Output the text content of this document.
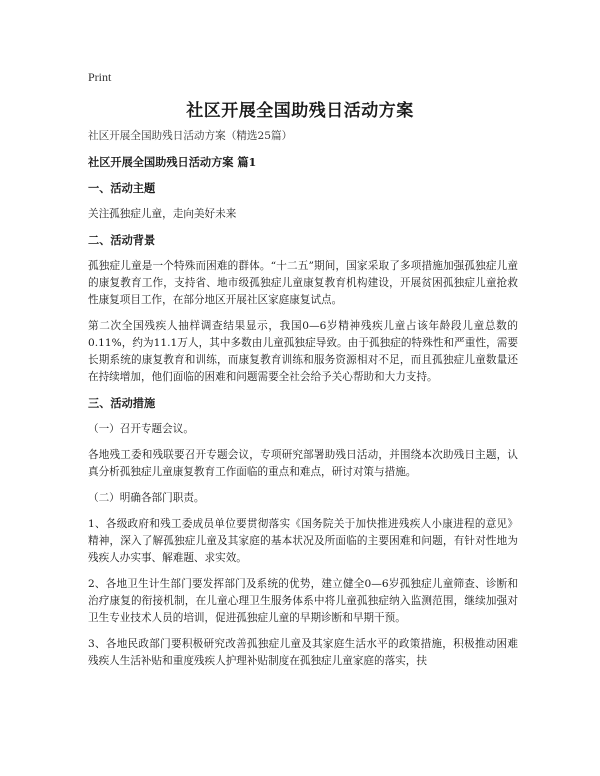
Print
社区开展全国助残日活动方案

社区开展全国助残日活动方案（精选25篇）

社区开展全国助残日活动方案 篇1

一、活动主题

关注孤独症儿童，走向美好未来

二、活动背景

孤独症儿童是一个特殊而困难的群体。“十二五”期间，国家采取了多项措施加强孤独症儿童的康复教育工作，支持省、地市级孤独症儿童康复教育机构建设，开展贫困孤独症儿童抢救性康复项目工作，在部分地区开展社区家庭康复试点。

第二次全国残疾人抽样调查结果显示，我国0—6岁精神残疾儿童占该年龄段儿童总数的0.11%，约为11.1万人，其中多数由儿童孤独症导致。由于孤独症的特殊性和严重性，需要长期系统的康复教育和训练，而康复教育训练和服务资源相对不足，而且孤独症儿童数量还在持续增加，他们面临的困难和问题需要全社会给予关心帮助和大力支持。

三、活动措施

（一）召开专题会议。

各地残工委和残联要召开专题会议，专项研究部署助残日活动，并围绕本次助残日主题，认真分析孤独症儿童康复教育工作面临的重点和难点，研讨对策与措施。

（二）明确各部门职责。

1、各级政府和残工委成员单位要贯彻落实《国务院关于加快推进残疾人小康进程的意见》精神，深入了解孤独症儿童及其家庭的基本状况及所面临的主要困难和问题，有针对性地为残疾人办实事、解难题、求实效。

2、各地卫生计生部门要发挥部门及系统的优势，建立健全0—6岁孤独症儿童筛查、诊断和治疗康复的衔接机制，在儿童心理卫生服务体系中将儿童孤独症纳入监测范围，继续加强对卫生专业技术人员的培训，促进孤独症儿童的早期诊断和早期干预。

3、各地民政部门要积极研究改善孤独症儿童及其家庭生活水平的政策措施，积极推动困难残疾人生活补贴和重度残疾人护理补贴制度在孤独症儿童家庭的落实，扶
